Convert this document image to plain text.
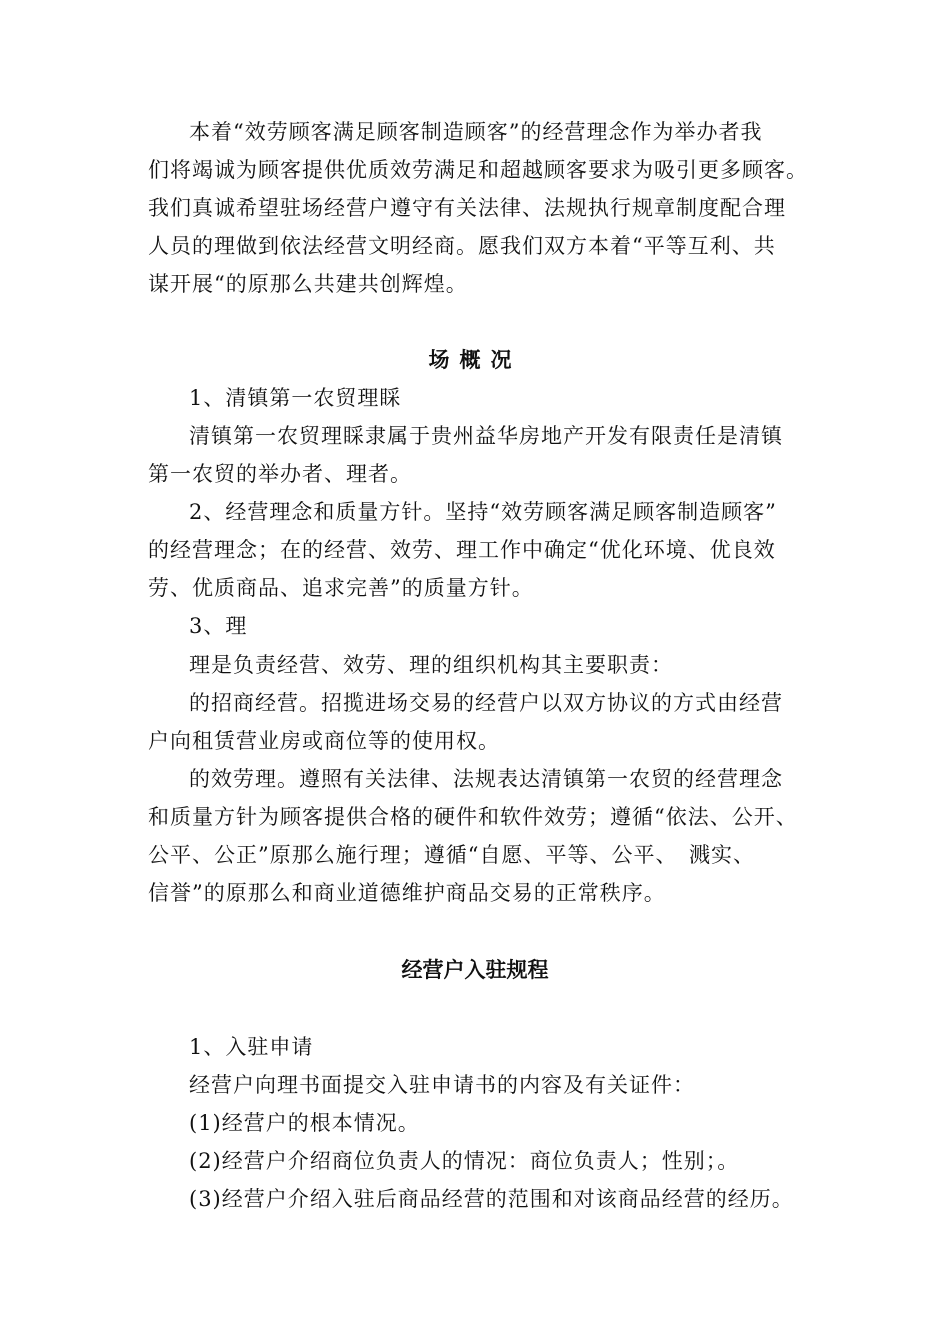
本着“效劳顾客满足顾客制造顾客”的经营理念作为举办者我
们将竭诚为顾客提供优质效劳满足和超越顾客要求为吸引更多顾客。
我们真诚希望驻场经营户遵守有关法律、法规执行规章制度配合理
人员的理做到依法经营文明经商。愿我们双方本着“平等互利、共
谋开展“的原那么共建共创辉煌。
场概况
1、清镇第一农贸理睬
清镇第一农贸理睬隶属于贵州益华房地产开发有限责任是清镇
第一农贸的举办者、理者。
2、经营理念和质量方针。坚持“效劳顾客满足顾客制造顾客”
的经营理念；在的经营、效劳、理工作中确定“优化环境、优良效
劳、优质商品、追求完善”的质量方针。
3、理
理是负责经营、效劳、理的组织机构其主要职责：
的招商经营。招揽进场交易的经营户以双方协议的方式由经营
户向租赁营业房或商位等的使用权。
的效劳理。遵照有关法律、法规表达清镇第一农贸的经营理念
和质量方针为顾客提供合格的硬件和软件效劳；遵循“依法、公开、
公平、公正”原那么施行理；遵循“自愿、平等、公平、　溅实、
信誉”的原那么和商业道德维护商品交易的正常秩序。
经营户入驻规程
1、入驻申请
经营户向理书面提交入驻申请书的内容及有关证件：
(1)经营户的根本情况。
(2)经营户介绍商位负责人的情况：商位负责人；性别；。
(3)经营户介绍入驻后商品经营的范围和对该商品经营的经历。
